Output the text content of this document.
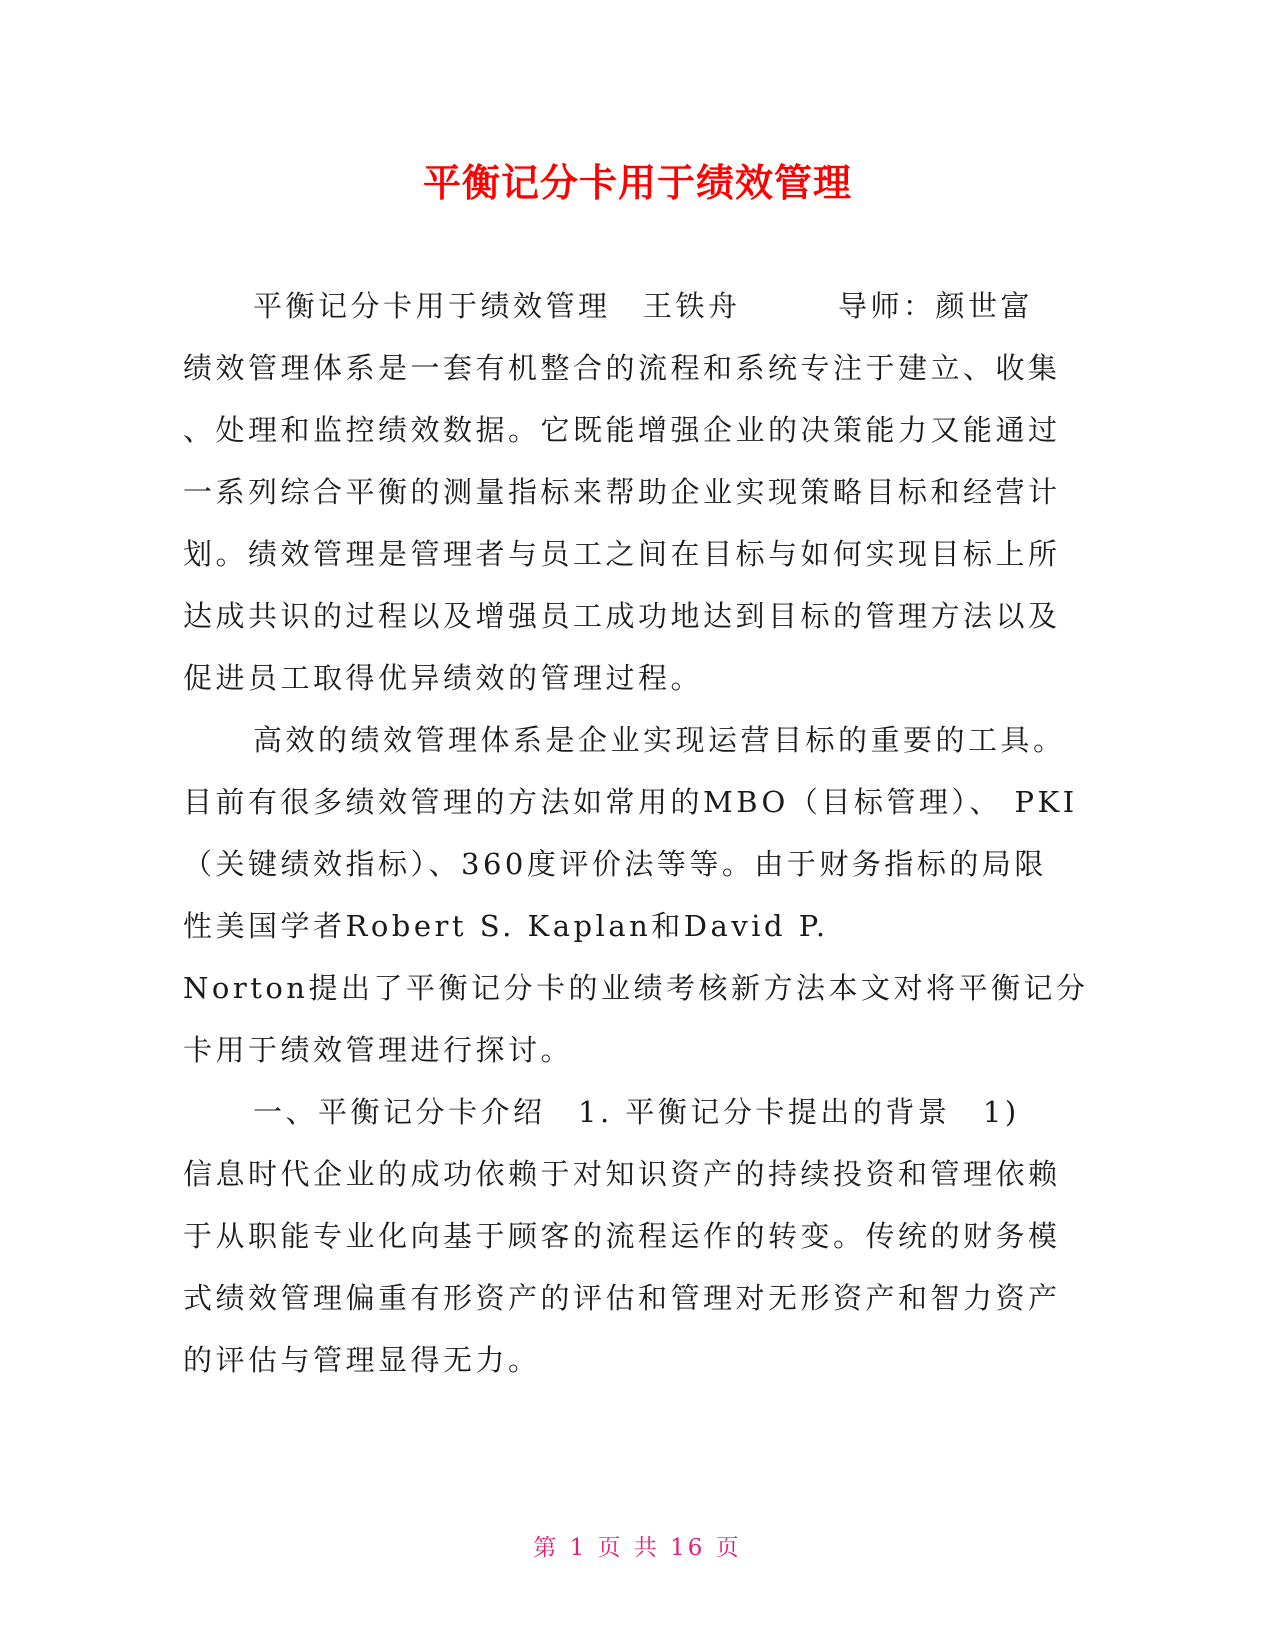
平衡记分卡用于绩效管理
　　平衡记分卡用于绩效管理　王铁舟　　　导师：颜世富
绩效管理体系是一套有机整合的流程和系统专注于建立、收集
、处理和监控绩效数据。它既能增强企业的决策能力又能通过
一系列综合平衡的测量指标来帮助企业实现策略目标和经营计
划。绩效管理是管理者与员工之间在目标与如何实现目标上所
达成共识的过程以及增强员工成功地达到目标的管理方法以及
促进员工取得优异绩效的管理过程。
　　高效的绩效管理体系是企业实现运营目标的重要的工具。
目前有很多绩效管理的方法如常用的MBO（目标管理）、 PKI
（关键绩效指标）、360度评价法等等。由于财务指标的局限
性美国学者Robert S. Kaplan和David P.
Norton提出了平衡记分卡的业绩考核新方法本文对将平衡记分
卡用于绩效管理进行探讨。
　　一、平衡记分卡介绍　1. 平衡记分卡提出的背景　1)
信息时代企业的成功依赖于对知识资产的持续投资和管理依赖
于从职能专业化向基于顾客的流程运作的转变。传统的财务模
式绩效管理偏重有形资产的评估和管理对无形资产和智力资产
的评估与管理显得无力。
第 1 页 共 16 页
